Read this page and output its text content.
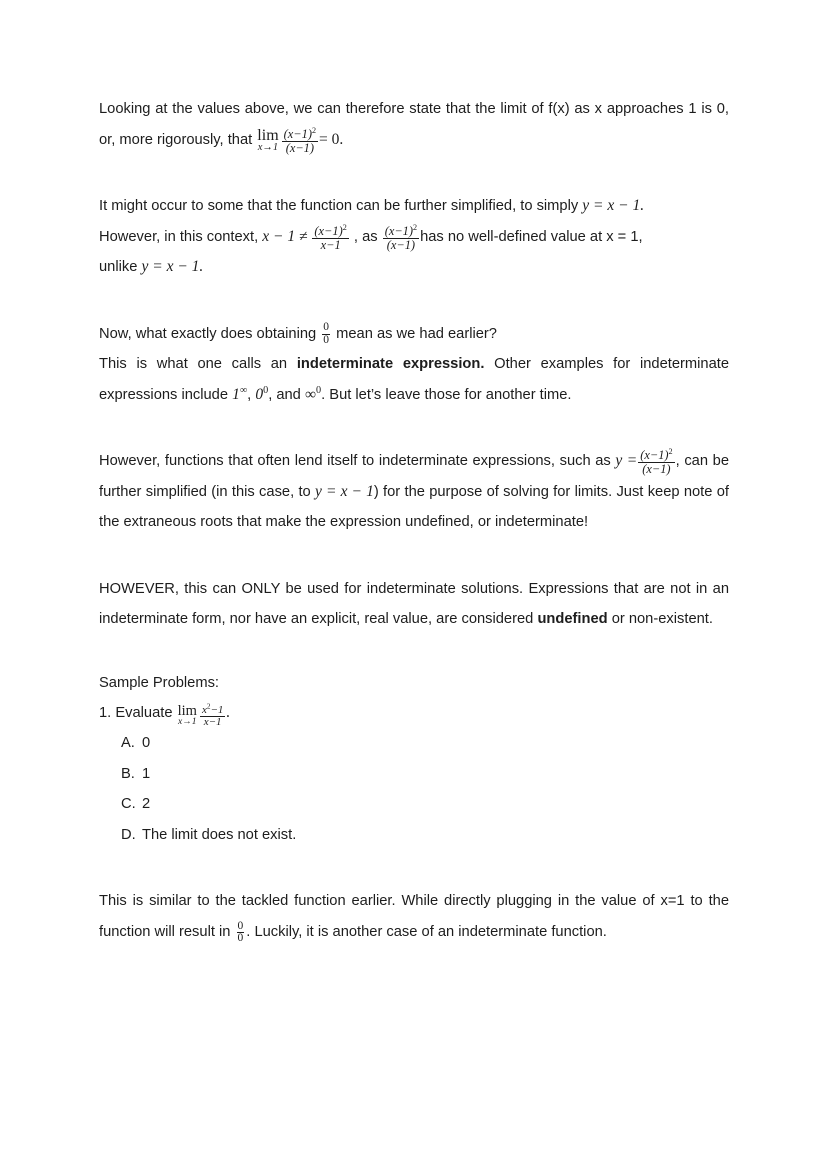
Looking at the values above, we can therefore state that the limit of f(x) as x approaches 1 is 0, or, more rigorously, that lim
$x\to 1 \frac{(x-1)^2}{(x-1)} = 0$.

It might occur to some that the function can be further simplified, to simply y = x − 1.
However, in this context, $x - 1 \ne \frac{(x-1)^2}{x-1}$ , as $\frac{(x-1)^2}{(x-1)}$ has no well-defined value at x = 1,
unlike y = x − 1.

Now, what exactly does obtaining $\frac{0}{0}$ mean as we had earlier?

This is what one calls an indeterminate expression. Other examples for indeterminate expressions include 1∞, $0^0$, and ∞$^0$. But let’s leave those for another time.

However, functions that often lend itself to indeterminate expressions, such as $y = \frac{(x-1)^2}{(x-1)}$ , can be further simplified (in this case, to y = x − 1) for the purpose of solving for limits. Just keep note of the extraneous roots that make the expression undefined, or indeterminate!

HOWEVER, this can ONLY be used for indeterminate solutions. Expressions that are not in an indeterminate form, nor have an explicit, real value, are considered undefined or non-existent.

Sample Problems:

1. Evaluate lim
$x\to 1 \frac{x^2-1}{x-1}$ .
A. 0
B. 1
C. 2
D. The limit does not exist.

This is similar to the tackled function earlier. While directly plugging in the value of x=1 to the function will result in $\frac{0}{0}$ . Luckily, it is another case of an indeterminate function.
